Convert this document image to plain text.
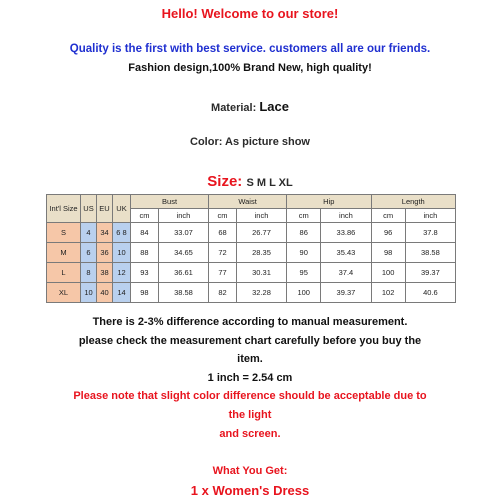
Hello! Welcome to our store!
Quality is the first with best service. customers all are our friends.
Fashion design,100% Brand New, high quality!
Material: Lace
Color: As picture show
Size: S M L XL
Int'l Size	US	EU	UK	Bust		Waist		Hip		Length	
				cm	inch	cm	inch	cm	inch	cm	inch
S	4	34	6 8	84	33.07	68	26.77	86	33.86	96	37.8
M	6	36	10	88	34.65	72	28.35	90	35.43	98	38.58
L	8	38	12	93	36.61	77	30.31	95	37.4	100	39.37
XL	10	40	14	98	38.58	82	32.28	100	39.37	102	40.6
There is 2-3% difference according to manual measurement.
please check the measurement chart carefully before you buy the
item.
1 inch = 2.54 cm
Please note that slight color difference should be acceptable due to
the light
and screen.
What You Get:
1 x Women's Dress
